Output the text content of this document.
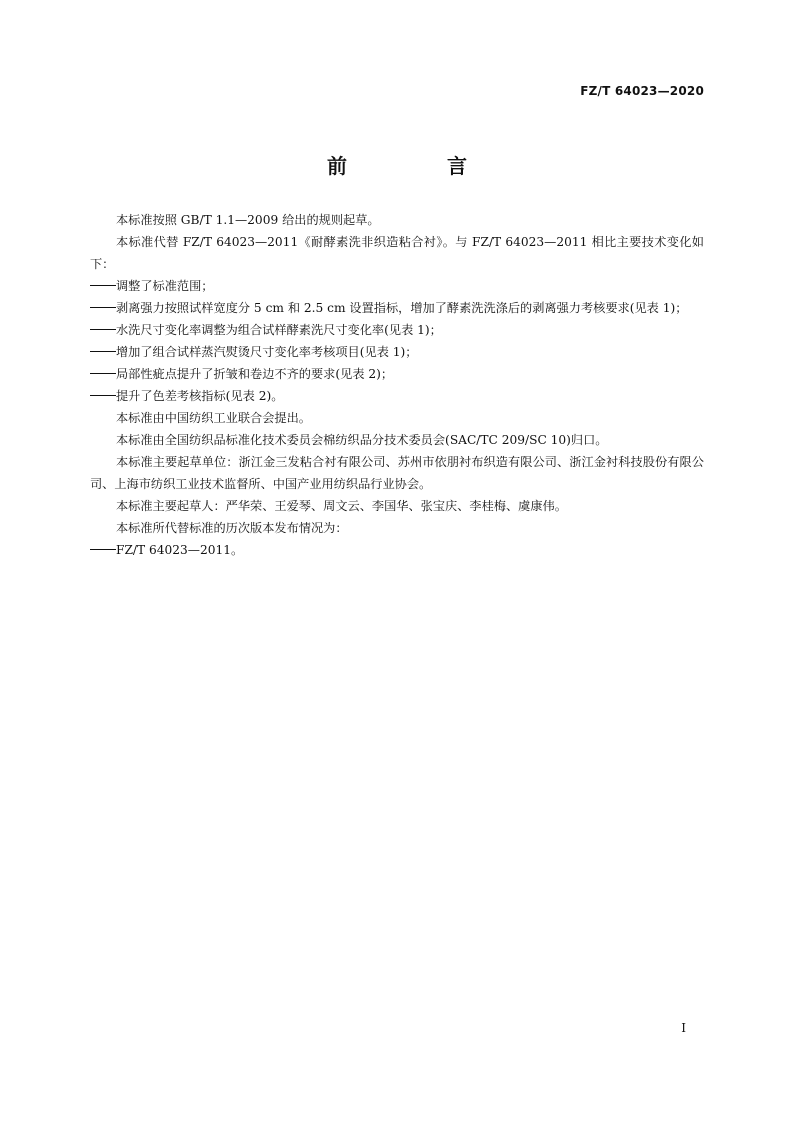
FZ/T 64023—2020
前　言

本标准按照 GB/T 1.1—2009 给出的规则起草。

本标准代替 FZ/T 64023—2011《耐酵素洗非织造粘合衬》。与 FZ/T 64023—2011 相比主要技术变化如下：

调整了标准范围；
剥离强力按照试样宽度分 5 cm 和 2.5 cm 设置指标，增加了酵素洗洗涤后的剥离强力考核要求(见表 1)；
水洗尺寸变化率调整为组合试样酵素洗尺寸变化率(见表 1)；
增加了组合试样蒸汽熨烫尺寸变化率考核项目(见表 1)；
局部性疵点提升了折皱和卷边不齐的要求(见表 2)；
提升了色差考核指标(见表 2)。

本标准由中国纺织工业联合会提出。

本标准由全国纺织品标准化技术委员会棉纺织品分技术委员会(SAC/TC 209/SC 10)归口。

本标准主要起草单位：浙江金三发粘合衬有限公司、苏州市依朋衬布织造有限公司、浙江金衬科技股份有限公司、上海市纺织工业技术监督所、中国产业用纺织品行业协会。

本标准主要起草人：严华荣、王爱琴、周文云、李国华、张宝庆、李桂梅、虞康伟。

本标准所代替标准的历次版本发布情况为：

FZ/T 64023—2011。
I
